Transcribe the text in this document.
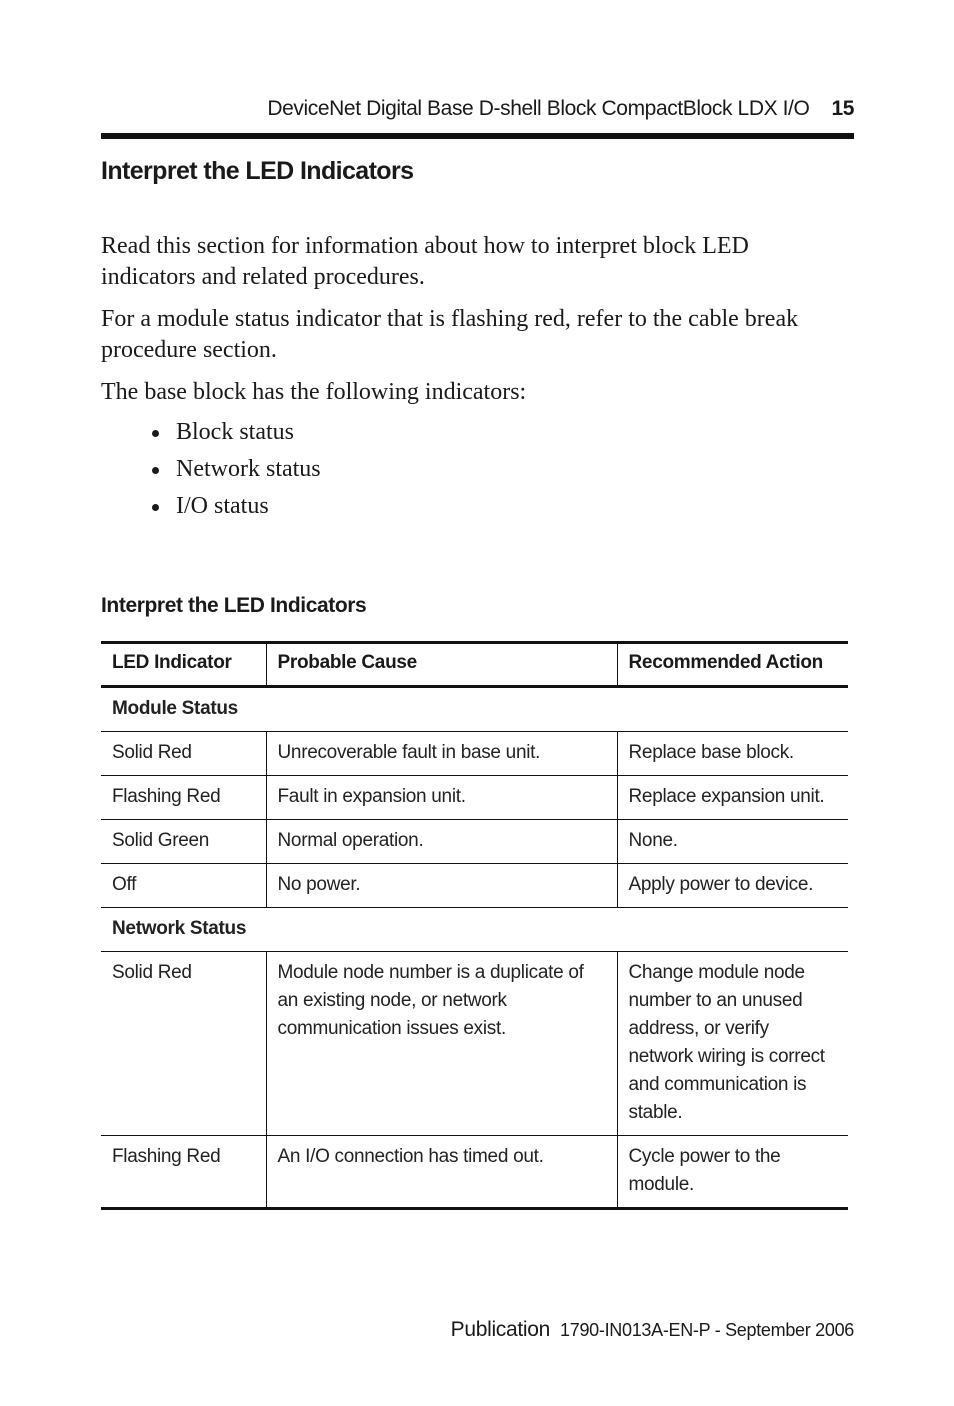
DeviceNet Digital Base D-shell Block CompactBlock LDX I/O 15
Interpret the LED Indicators

Read this section for information about how to interpret block LED indicators and related procedures.

For a module status indicator that is flashing red, refer to the cable break procedure section.

The base block has the following indicators:

Block status
Network status
I/O status
Interpret the LED Indicators
LED Indicator	Probable Cause	Recommended Action
Module Status		
Solid Red	Unrecoverable fault in base unit.	Replace base block.
Flashing Red	Fault in expansion unit.	Replace expansion unit.
Solid Green	Normal operation.	None.
Off	No power.	Apply power to device.
Network Status		
Solid Red	Module node number is a duplicate of an existing node, or network communication issues exist.	Change module node number to an unused address, or verify network wiring is correct and communication is stable.
Flashing Red	An I/O connection has timed out.	Cycle power to the module.
Publication 1790-IN013A-EN-P - September 2006
